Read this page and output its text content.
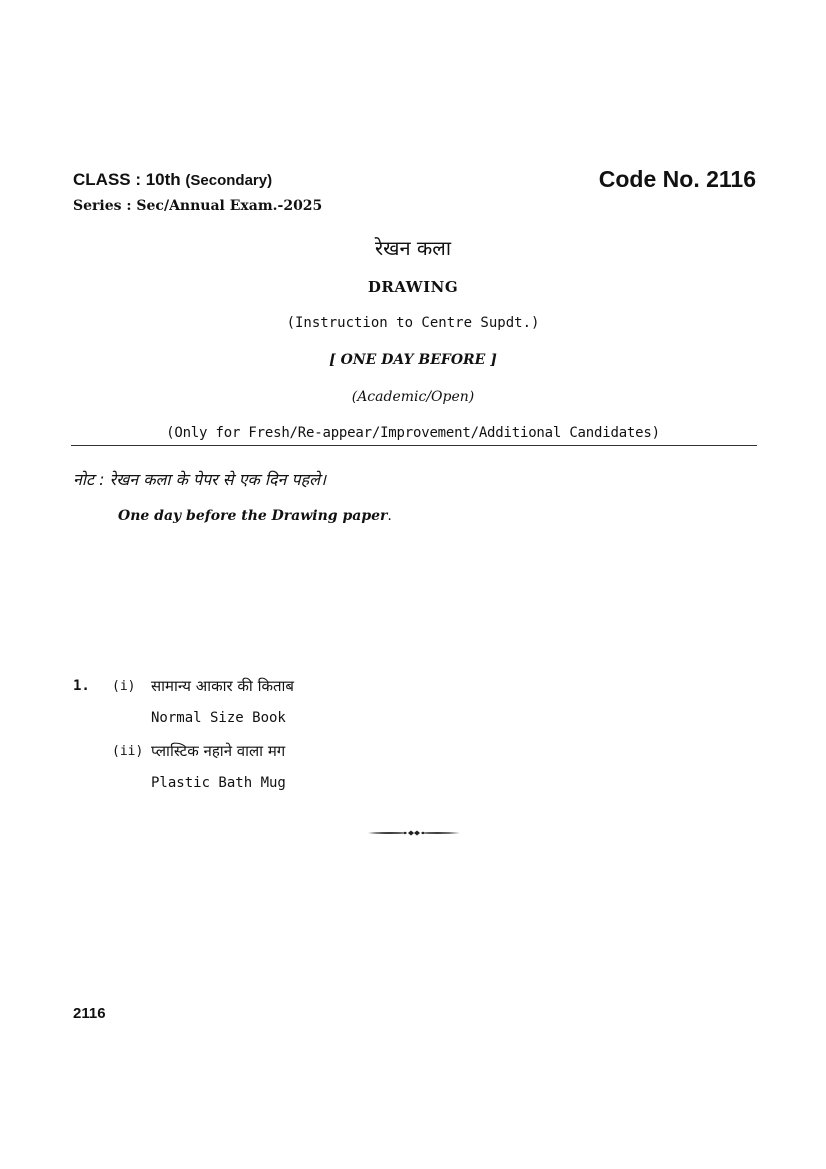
CLASS : 10th (Secondary)	Code No. 2116
Series : Sec/Annual Exam.-2025
रेखन कला
DRAWING
(Instruction to Centre Supdt.)
[ ONE DAY BEFORE ]
(Academic/Open)
(Only for Fresh/Re-appear/Improvement/Additional Candidates)
नोट : रेखन कला के पेपर से एक दिन पहले।
One day before the Drawing paper.
1. (i) सामान्य आकार की किताब
Normal Size Book
(ii) प्लास्टिक नहाने वाला मग
Plastic Bath Mug
2116
